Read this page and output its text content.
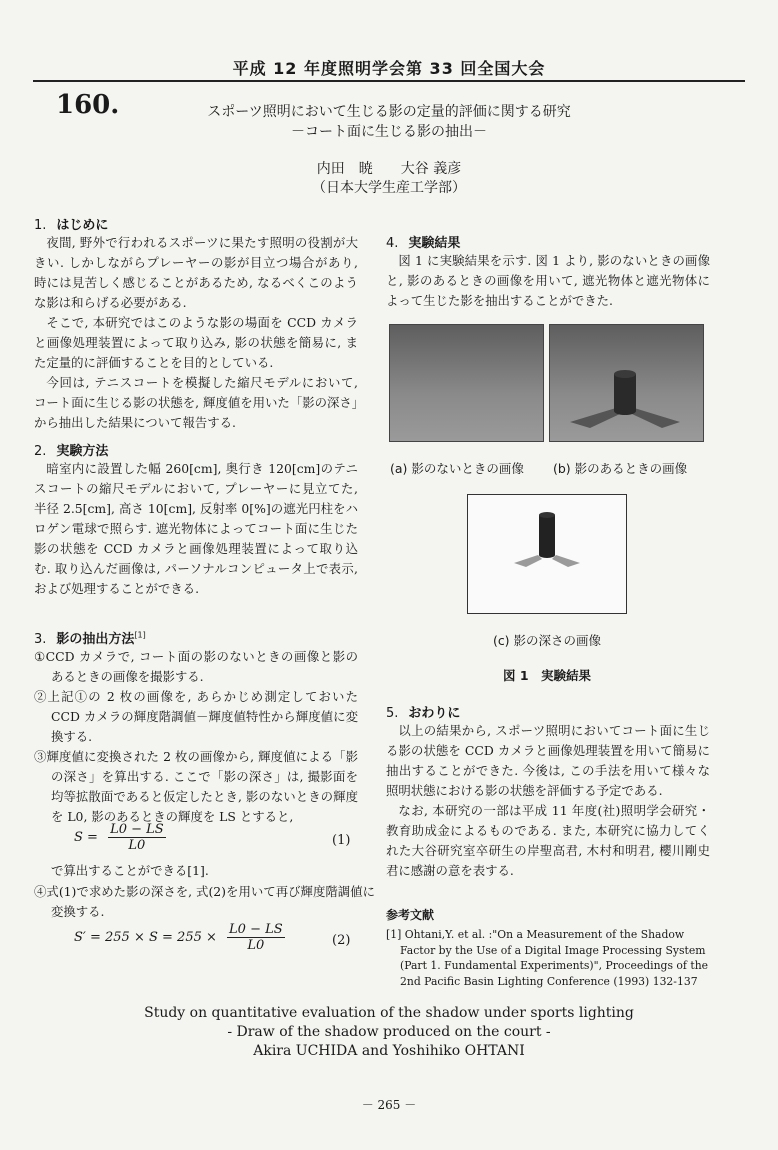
平成 12 年度照明学会第 33 回全国大会
160.	スポーツ照明において生じる影の定量的評価に関する研究
－コート面に生じる影の抽出－
内田　暁　　大谷 義彦
（日本大学生産工学部）
1. はじめに

夜間, 野外で行われるスポーツに果たす照明の役割が大きい. しかしながらプレーヤーの影が目立つ場合があり, 時には見苦しく感じることがあるため, なるべくこのような影は和らげる必要がある.

そこで, 本研究ではこのような影の場面を CCD カメラと画像処理装置によって取り込み, 影の状態を簡易に, また定量的に評価することを目的としている.

今回は, テニスコートを模擬した縮尺モデルにおいて, コート面に生じる影の状態を, 輝度値を用いた「影の深さ」から抽出した結果について報告する.

2. 実験方法

暗室内に設置した幅 260[cm], 奥行き 120[cm]のテニスコートの縮尺モデルにおいて, プレーヤーに見立てた, 半径 2.5[cm], 高さ 10[cm], 反射率 0[%]の遮光円柱をハロゲン電球で照らす. 遮光物体によってコート面に生じた影の状態を CCD カメラと画像処理装置によって取り込む. 取り込んだ画像は, パーソナルコンピュータ上で表示, および処理することができる.

3. 影の抽出方法[1]
①CCD カメラで, コート面の影のないときの画像と影のあるときの画像を撮影する.
②上記①の 2 枚の画像を, あらかじめ測定しておいた CCD カメラの輝度階調値－輝度値特性から輝度値に変換する.
③輝度値に変換された 2 枚の画像から, 輝度値による「影の深さ」を算出する. ここで「影の深さ」は, 撮影面を均等拡散面であると仮定したとき, 影のないときの輝度を L0, 影のあるときの輝度を LS とすると,
$S = \frac{L0 - LS}{L0}$	(1)
で算出することができる[1].
④式(1)で求めた影の深さを, 式(2)を用いて再び輝度階調値に変換する.
$S' = 255 \times S = 255 \times \frac{L0 - LS}{L0}$	(2)
4. 実験結果

図 1 に実験結果を示す. 図 1 より, 影のないときの画像と, 影のあるときの画像を用いて, 遮光物体と遮光物体によって生じた影を抽出することができた.

(a) 影のないときの画像 (b) 影のあるときの画像
(c) 影の深さの画像
図 1　実験結果
5. おわりに

以上の結果から, スポーツ照明においてコート面に生じる影の状態を CCD カメラと画像処理装置を用いて簡易に抽出することができた. 今後は, この手法を用いて様々な照明状態における影の状態を評価する予定である.

なお, 本研究の一部は平成 11 年度(社)照明学会研究・教育助成金によるものである. また, 本研究に協力してくれた大谷研究室卒研生の岸聖高君, 木村和明君, 櫻川剛史君に感謝の意を表する.

参考文献
[1] Ohtani,Y. et al. :"On a Measurement of the Shadow Factor by the Use of a Digital Image Processing System (Part 1. Fundamental Experiments)", Proceedings of the 2nd Pacific Basin Lighting Conference (1993) 132-137
Study on quantitative evaluation of the shadow under sports lighting
- Draw of the shadow produced on the court -
Akira UCHIDA and Yoshihiko OHTANI
－ 265 －
